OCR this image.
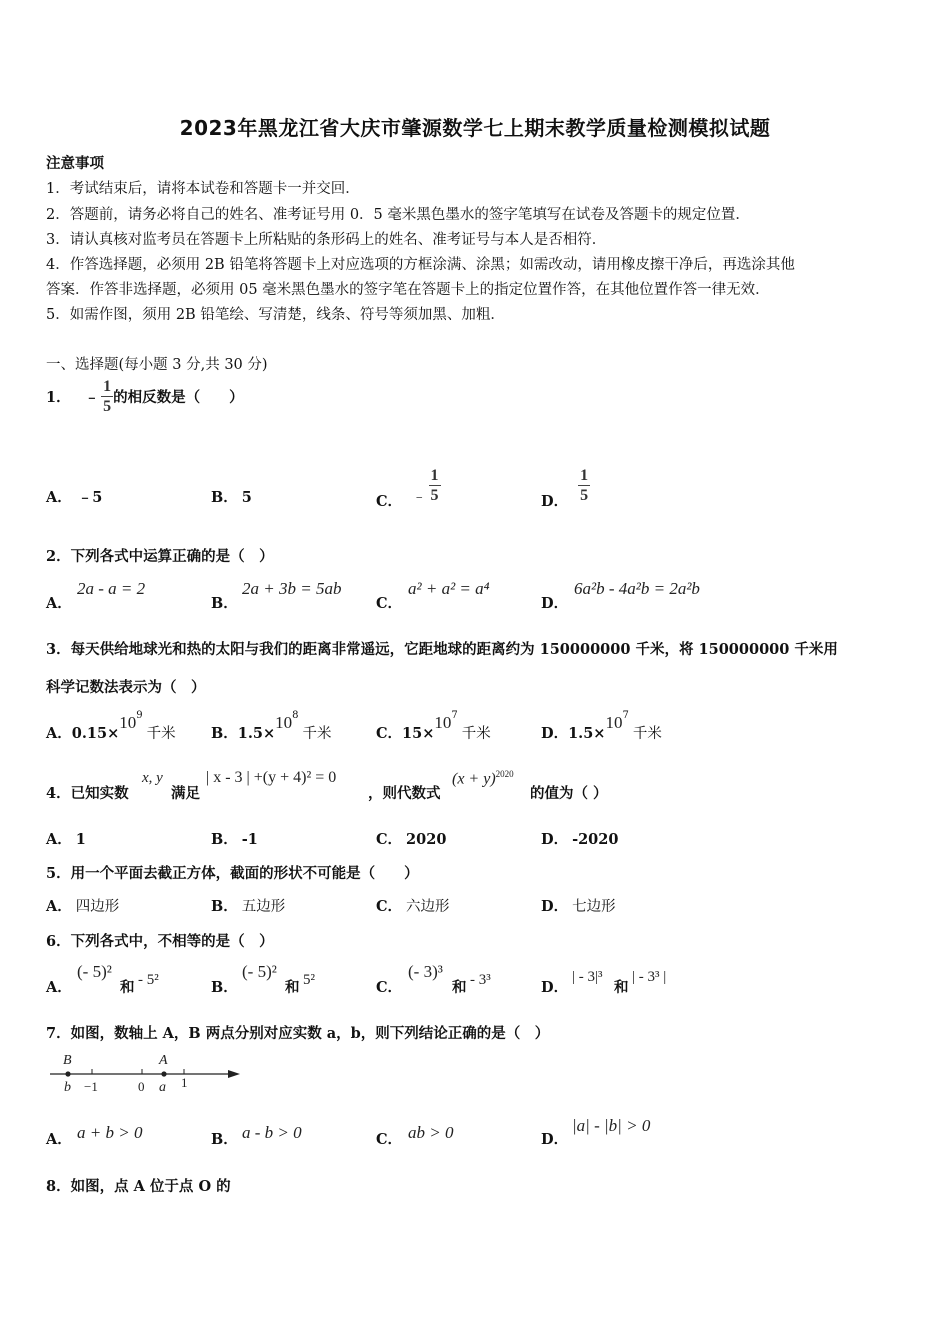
2023年黑龙江省大庆市肇源数学七上期末教学质量检测模拟试题
注意事项
1．考试结束后，请将本试卷和答题卡一并交回．
2．答题前，请务必将自己的姓名、准考证号用 0．5 毫米黑色墨水的签字笔填写在试卷及答题卡的规定位置．
3．请认真核对监考员在答题卡上所粘贴的条形码上的姓名、准考证号与本人是否相符．
4．作答选择题，必须用 2B 铅笔将答题卡上对应选项的方框涂满、涂黑；如需改动，请用橡皮擦干净后，再选涂其他
答案．作答非选择题，必须用 05 毫米黑色墨水的签字笔在答题卡上的指定位置作答，在其他位置作答一律无效．
5．如需作图，须用 2B 铅笔绘、写清楚，线条、符号等须加黑、加粗．
一、选择题(每小题 3 分,共 30 分)
1． ﹣ $\frac{1}{5}$ 的相反数是（　　）
A． ﹣5	B． 5	C． ﹣ $\frac{1}{5}$	D． $\frac{1}{5}$
2．下列各式中运算正确的是（　）
A．
2a - a = 2
B．
2a + 3b = 5ab
C．
a² + a² = a⁴
D．
6a²b - 4a²b = 2a²b
3．每天供给地球光和热的太阳与我们的距离非常遥远，它距地球的距离约为 150000000 千米，将 150000000 千米用
科学记数法表示为（　）
A．$0.15\times 10^9$千米 B．$1.5\times 10^8$千米	C．$15\times 10^7$千米	D．$1.5\times 10^7$千米
4．已知实数
x, y
满足
| x - 3 | +(y + 4)² = 0
，则代数式
$(x + y)^{2020}$
的值为（ ）
A． 1	B． -1	C． 2020	D． -2020
5．用一个平面去截正方体，截面的形状不可能是（　　）
A． 四边形	B． 五边形	C． 六边形	D． 七边形
6．下列各式中，不相等的是（　）
A．
(- 5)²
和 - 5²	B．
(- 5)²
和 5²	C．
(- 3)³
和 - 3³	D．
| - 3|³
和
| - 3³ |
7．如图，数轴上 A，B 两点分别对应实数 a，b，则下列结论正确的是（　）
B
b −1	0
A
a 1
A． a + b > 0	B． a - b > 0	C． ab > 0	D．
|a| - |b| > 0
8．如图，点 A 位于点 O 的
